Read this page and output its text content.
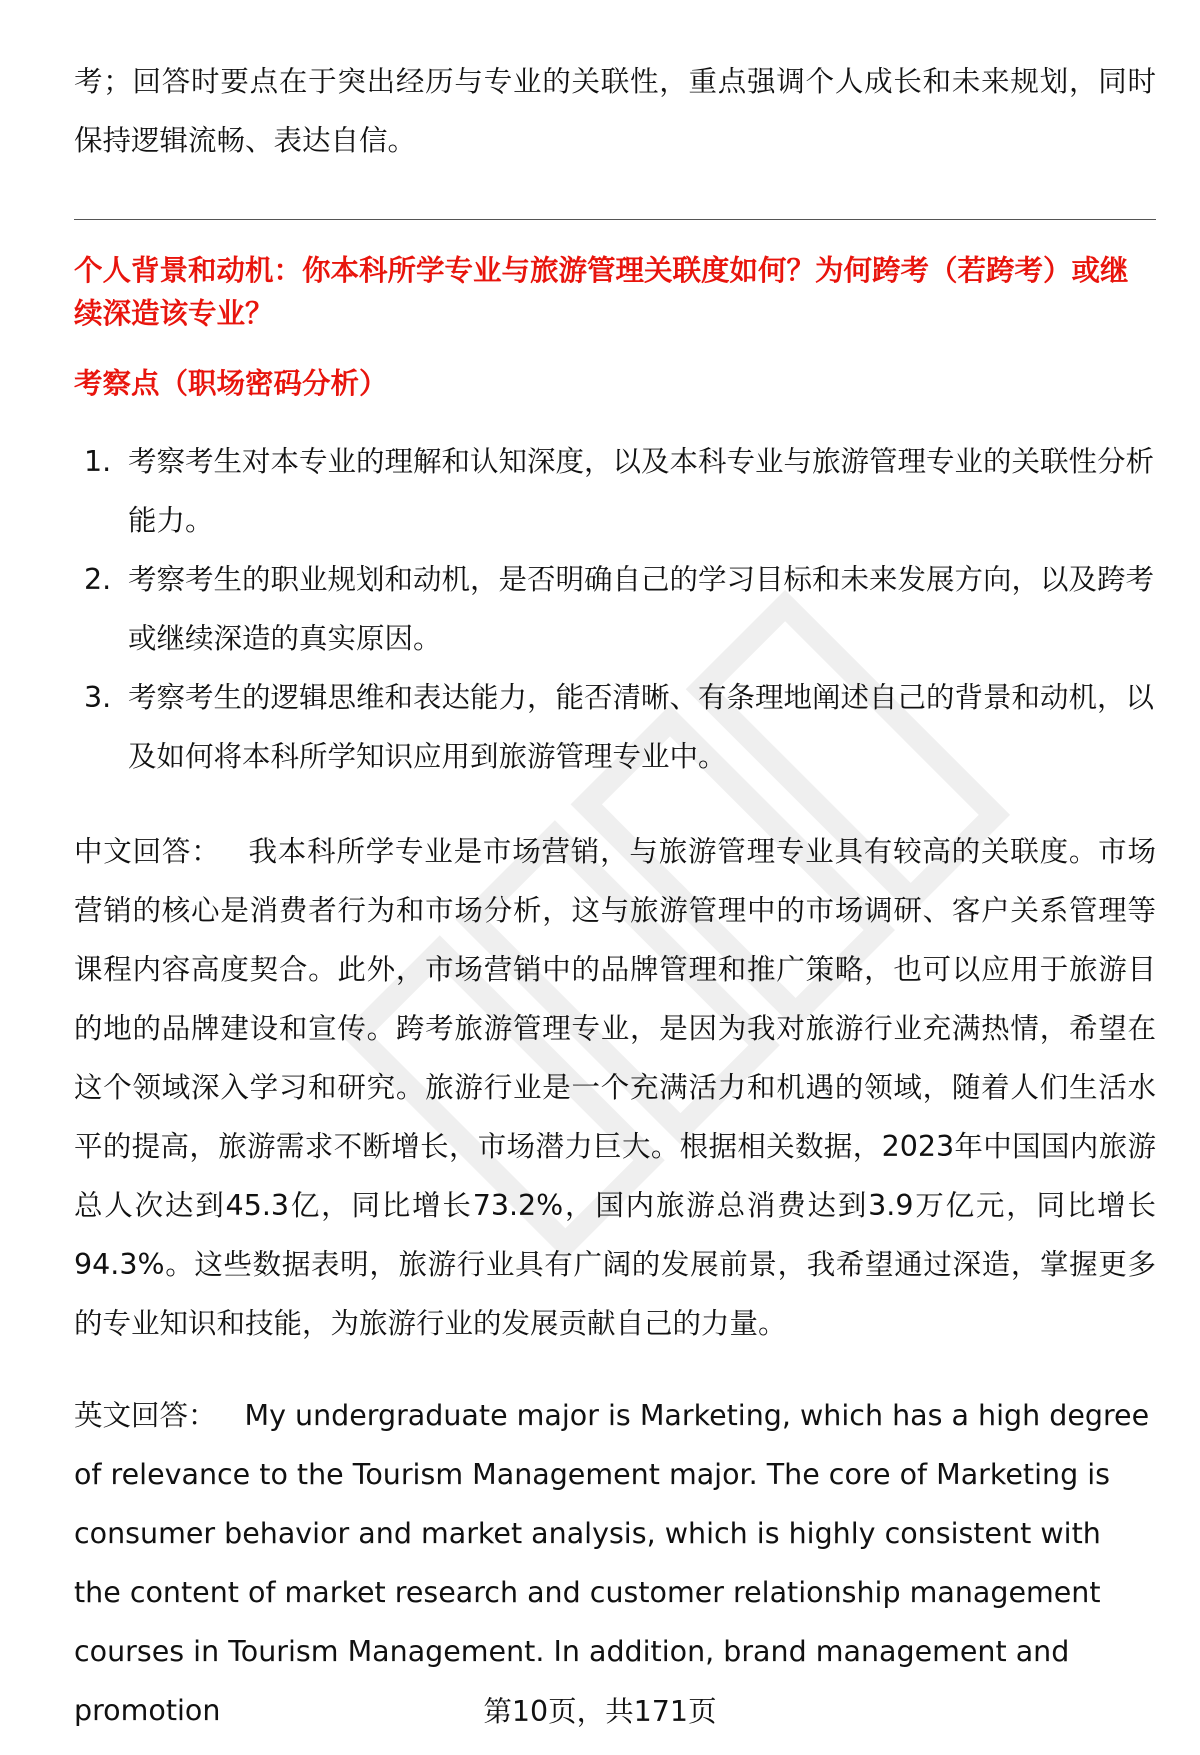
考；回答时要点在于突出经历与专业的关联性，重点强调个人成长和未来规划，同时保持逻辑流畅、表达自信。

个人背景和动机：你本科所学专业与旅游管理关联度如何？为何跨考（若跨考）或继续深造该专业？
考察点（职场密码分析）
1. 考察考生对本专业的理解和认知深度，以及本科专业与旅游管理专业的关联性分析能力。
2. 考察考生的职业规划和动机，是否明确自己的学习目标和未来发展方向，以及跨考或继续深造的真实原因。
3. 考察考生的逻辑思维和表达能力，能否清晰、有条理地阐述自己的背景和动机，以及如何将本科所学知识应用到旅游管理专业中。

中文回答： 我本科所学专业是市场营销，与旅游管理专业具有较高的关联度。市场营销的核心是消费者行为和市场分析，这与旅游管理中的市场调研、客户关系管理等课程内容高度契合。此外，市场营销中的品牌管理和推广策略，也可以应用于旅游目的地的品牌建设和宣传。跨考旅游管理专业，是因为我对旅游行业充满热情，希望在这个领域深入学习和研究。旅游行业是一个充满活力和机遇的领域，随着人们生活水平的提高，旅游需求不断增长，市场潜力巨大。根据相关数据，2023年中国国内旅游总人次达到45.3亿，同比增长73.2%，国内旅游总消费达到3.9万亿元，同比增长94.3%。这些数据表明，旅游行业具有广阔的发展前景，我希望通过深造，掌握更多的专业知识和技能，为旅游行业的发展贡献自己的力量。

英文回答： My undergraduate major is Marketing, which has a high degree of relevance to the Tourism Management major. The core of Marketing is consumer behavior and market analysis, which is highly consistent with the content of market research and customer relationship management courses in Tourism Management. In addition, brand management and promotion	第10页，共171页
